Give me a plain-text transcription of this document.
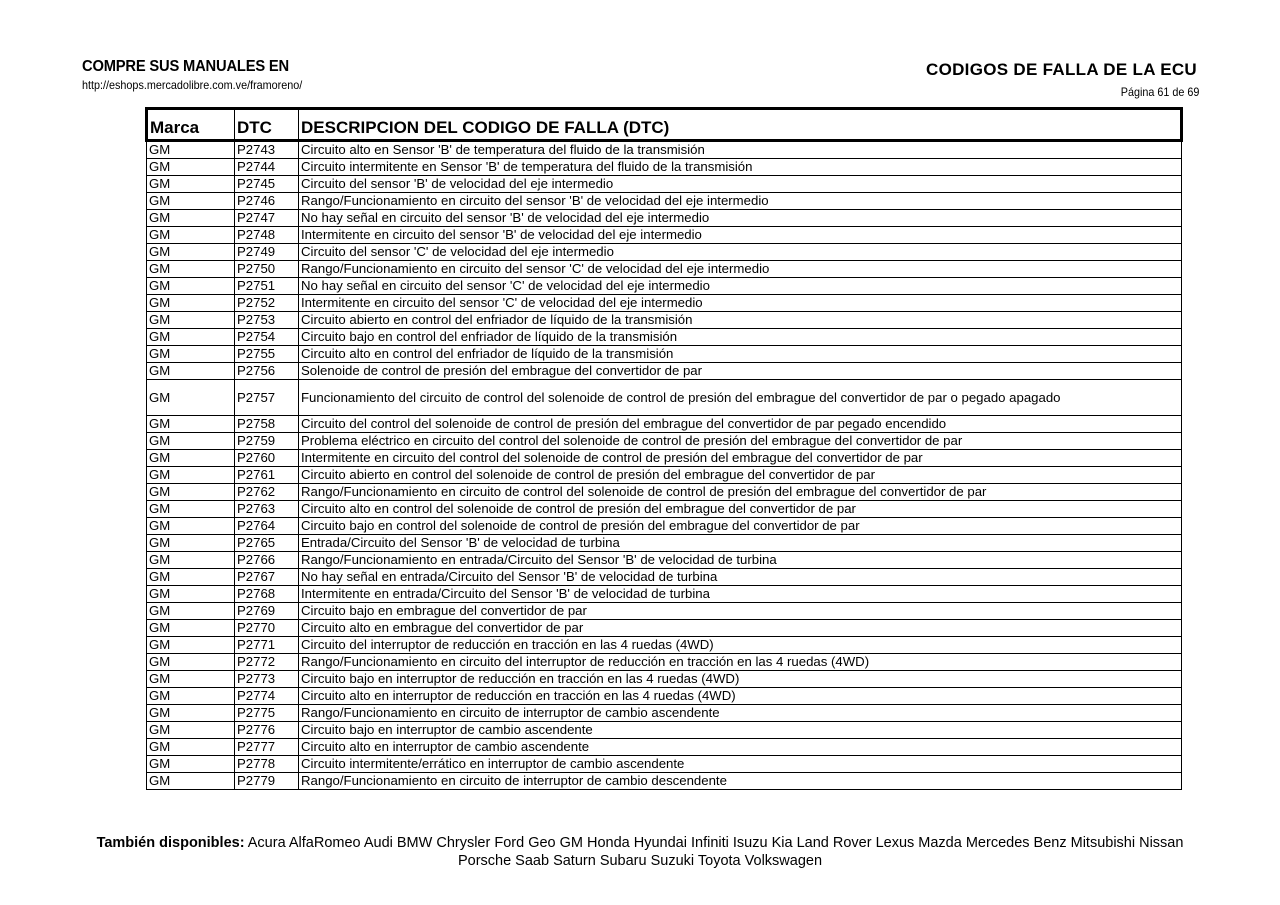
COMPRE SUS MANUALES EN
http://eshops.mercadolibre.com.ve/framoreno/
CODIGOS DE FALLA DE LA ECU
Página 61 de 69
Marca	DTC	DESCRIPCION DEL CODIGO DE FALLA (DTC)
GM	P2743	Circuito alto en Sensor 'B' de temperatura del fluido de la transmisión
GM	P2744	Circuito intermitente en Sensor 'B' de temperatura del fluido de la transmisión
GM	P2745	Circuito del sensor 'B' de velocidad del eje intermedio
GM	P2746	Rango/Funcionamiento en circuito del sensor 'B' de velocidad del eje intermedio
GM	P2747	No hay señal en circuito del sensor 'B' de velocidad del eje intermedio
GM	P2748	Intermitente en circuito del sensor 'B' de velocidad del eje intermedio
GM	P2749	Circuito del sensor 'C' de velocidad del eje intermedio
GM	P2750	Rango/Funcionamiento en circuito del sensor 'C' de velocidad del eje intermedio
GM	P2751	No hay señal en circuito del sensor 'C' de velocidad del eje intermedio
GM	P2752	Intermitente en circuito del sensor 'C' de velocidad del eje intermedio
GM	P2753	Circuito abierto en control del enfriador de líquido de la transmisión
GM	P2754	Circuito bajo en control del enfriador de líquido de la transmisión
GM	P2755	Circuito alto en control del enfriador de líquido de la transmisión
GM	P2756	Solenoide de control de presión del embrague del convertidor de par
GM	P2757	Funcionamiento del circuito de control del solenoide de control de presión del embrague del convertidor de par o pegado apagado
GM	P2758	Circuito del control del solenoide de control de presión del embrague del convertidor de par pegado encendido
GM	P2759	Problema eléctrico en circuito del control del solenoide de control de presión del embrague del convertidor de par
GM	P2760	Intermitente en circuito del control del solenoide de control de presión del embrague del convertidor de par
GM	P2761	Circuito abierto en control del solenoide de control de presión del embrague del convertidor de par
GM	P2762	Rango/Funcionamiento en circuito de control del solenoide de control de presión del embrague del convertidor de par
GM	P2763	Circuito alto en control del solenoide de control de presión del embrague del convertidor de par
GM	P2764	Circuito bajo en control del solenoide de control de presión del embrague del convertidor de par
GM	P2765	Entrada/Circuito del Sensor 'B' de velocidad de turbina
GM	P2766	Rango/Funcionamiento en entrada/Circuito del Sensor 'B' de velocidad de turbina
GM	P2767	No hay señal en entrada/Circuito del Sensor 'B' de velocidad de turbina
GM	P2768	Intermitente en entrada/Circuito del Sensor 'B' de velocidad de turbina
GM	P2769	Circuito bajo en embrague del convertidor de par
GM	P2770	Circuito alto en embrague del convertidor de par
GM	P2771	Circuito del interruptor de reducción en tracción en las 4 ruedas (4WD)
GM	P2772	Rango/Funcionamiento en circuito del interruptor de reducción en tracción en las 4 ruedas (4WD)
GM	P2773	Circuito bajo en interruptor de reducción en tracción en las 4 ruedas (4WD)
GM	P2774	Circuito alto en interruptor de reducción en tracción en las 4 ruedas (4WD)
GM	P2775	Rango/Funcionamiento en circuito de interruptor de cambio ascendente
GM	P2776	Circuito bajo en interruptor de cambio ascendente
GM	P2777	Circuito alto en interruptor de cambio ascendente
GM	P2778	Circuito intermitente/errático en interruptor de cambio ascendente
GM	P2779	Rango/Funcionamiento en circuito de interruptor de cambio descendente
También disponibles: Acura AlfaRomeo Audi BMW Chrysler Ford Geo GM Honda Hyundai Infiniti Isuzu Kia Land Rover Lexus Mazda Mercedes Benz Mitsubishi Nissan Porsche Saab Saturn Subaru Suzuki Toyota Volkswagen
